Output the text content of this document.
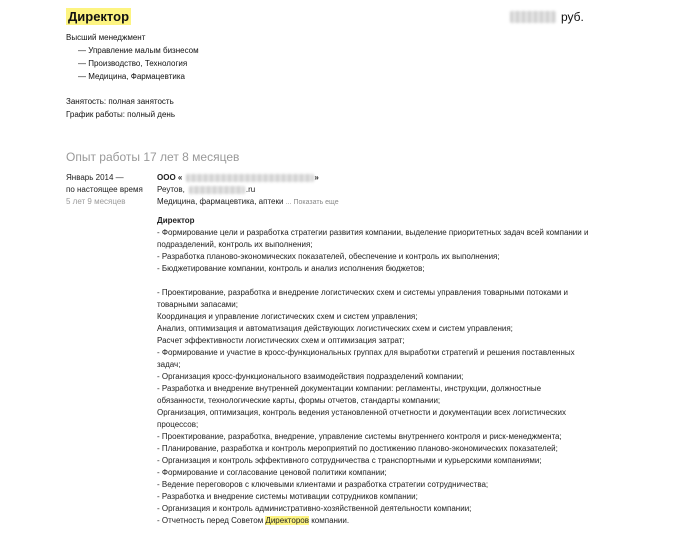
Директор	руб.
Высший менеджмент
— Управление малым бизнесом
— Производство, Технология
— Медицина, Фармацевтика
Занятость: полная занятость
График работы: полный день
Опыт работы 17 лет 8 месяцев
Январь 2014 —
по настоящее время
5 лет 9 месяцев
ООО «	»
Реутов,	.ru
Медицина, фармацевтика, аптеки ... Показать еще
Директор
- Формирование цели и разработка стратегии развития компании, выделение приоритетных задач всей компании и
подразделений, контроль их выполнения;
- Разработка планово-экономических показателей, обеспечение и контроль их выполнения;
- Бюджетирование компании, контроль и анализ исполнения бюджетов;
- Проектирование, разработка и внедрение логистических схем и системы управления товарными потоками и
товарными запасами;
Координация и управление логистических схем и систем управления;
Анализ, оптимизация и автоматизация действующих логистических схем и систем управления;
Расчет эффективности логистических схем и оптимизация затрат;
- Формирование и участие в кросс-функциональных группах для выработки стратегий и решения поставленных
задач;
- Организация кросс-функционального взаимодействия подразделений компании;
- Разработка и внедрение внутренней документации компании: регламенты, инструкции, должностные
обязанности, технологические карты, формы отчетов, стандарты компании;
Организация, оптимизация, контроль ведения установленной отчетности и документации всех логистических
процессов;
- Проектирование, разработка, внедрение, управление системы внутреннего контроля и риск-менеджмента;
- Планирование, разработка и контроль мероприятий по достижению планово-экономических показателей;
- Организация и контроль эффективного сотрудничества с транспортными и курьерскими компаниями;
- Формирование и согласование ценовой политики компании;
- Ведение переговоров с ключевыми клиентами и разработка стратегии сотрудничества;
- Разработка и внедрение системы мотивации сотрудников компании;
- Организация и контроль административно-хозяйственной деятельности компании;
- Отчетность перед Советом Директоров компании.
